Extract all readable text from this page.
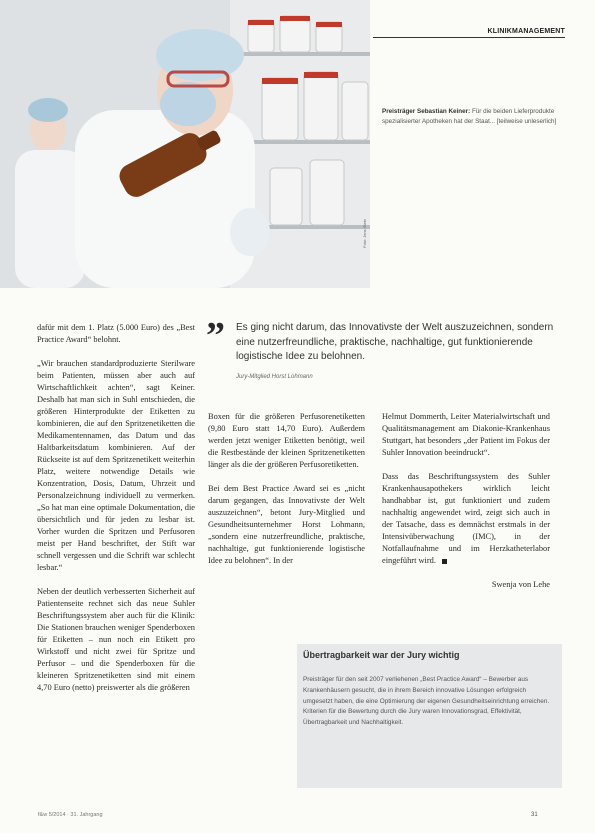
Foto: Jens Stein
KLINIKMANAGEMENT
Preisträger Sebastian Keiner: Für die beiden Lieferprodukte spezialisierter Apotheken hat der Staat... [teilweise unleserlich]
” Es ging nicht darum, das Innovativste der Welt auszuzeichnen, sondern eine nutzerfreundliche, praktische, nachhaltige, gut funktionierende logistische Idee zu belohnen.
Jury-Mitglied Horst Lohmann

dafür mit dem 1. Platz (5.000 Euro) des „Best Practice Award“ belohnt.

„Wir brauchen standardproduzierte Sterilware beim Patienten, müssen aber auch auf Wirtschaftlichkeit achten“, sagt Keiner. Deshalb hat man sich in Suhl entschieden, die größeren Hinterprodukte der Etiketten zu kombinieren, die auf den Spritzenetiketten die Medikamentennamen, das Datum und das Haltbarkeitsdatum kombinieren. Auf der Rückseite ist auf dem Spritzenetikett weiterhin Platz, weitere notwendige Details wie Konzentration, Dosis, Datum, Uhrzeit und Personalzeichnung individuell zu vermerken. „So hat man eine optimale Dokumentation, die übersichtlich und für jeden zu lesbar ist. Vorher wurden die Spritzen und Perfusoren meist per Hand beschriftet, der Stift war schnell vergessen und die Schrift war schlecht lesbar.“

Neben der deutlich verbesserten Sicherheit auf Patientenseite rechnet sich das neue Suhler Beschriftungssystem aber auch für die Klinik: Die Stationen brauchen weniger Spenderboxen für Etiketten – nun noch ein Etikett pro Wirkstoff und nicht zwei für Spritze und Perfusor – und die Spenderboxen für die kleineren Spritzenetiketten sind mit einem 4,70 Euro (netto) preiswerter als die größeren

Boxen für die größeren Perfusorenetiketten (9,80 Euro statt 14,70 Euro). Außerdem werden jetzt weniger Etiketten benötigt, weil die Restbestände der kleinen Spritzenetiketten länger als die der größeren Perfusoretiketten.

Bei dem Best Practice Award sei es „nicht darum gegangen, das Innovativste der Welt auszuzeichnen“, betont Jury-Mitglied und Gesundheitsunternehmer Horst Lohmann, „sondern eine nutzerfreundliche, praktische, nachhaltige, gut funktionierende logistische Idee zu belohnen“. In der

Helmut Dommerth, Leiter Materialwirtschaft und Qualitätsmanagement am Diakonie-Krankenhaus Stuttgart, hat besonders „der Patient im Fokus der Suhler Innovation beeindruckt“.

Dass das Beschriftungssystem des Suhler Krankenhausapothekers wirklich leicht handhabbar ist, gut funktioniert und zudem nachhaltig angewendet wird, zeigt sich auch in der Tatsache, dass es demnächst erstmals in der Intensivüberwachung (IMC), in der Notfallaufnahme und im Herzkatheterlabor eingeführt wird.

Swenja von Lehe
Übertragbarkeit war der Jury wichtig
Preisträger für den seit 2007 verliehenen „Best Practice Award“ – Bewerber aus Krankenhäusern gesucht, die in ihrem Bereich innovative Lösungen erfolgreich umgesetzt haben, die eine Optimierung der eigenen Gesundheitseinrichtung erreichen. Kriterien für die Bewertung durch die Jury waren Innovationsgrad, Effektivität, Übertragbarkeit und Nachhaltigkeit.
f&w 5/2014 · 31. Jahrgang	31
